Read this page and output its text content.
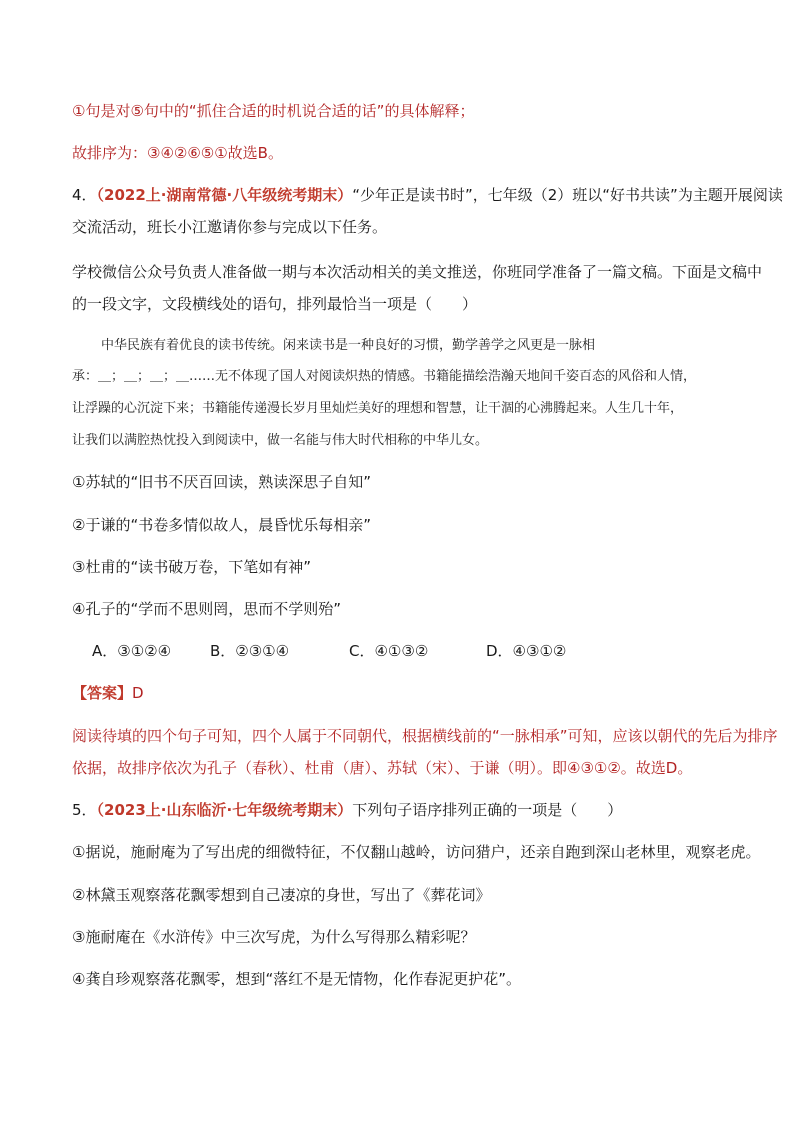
①句是对⑤句中的“抓住合适的时机说合适的话”的具体解释；
故排序为：③④②⑥⑤①故选B。
4．（2022上·湖南常德·八年级统考期末）“少年正是读书时”，七年级（2）班以“好书共读”为主题开展阅读
交流活动，班长小江邀请你参与完成以下任务。
学校微信公众号负责人准备做一期与本次活动相关的美文推送，你班同学准备了一篇文稿。下面是文稿中
的一段文字，文段横线处的语句，排列最恰当一项是（　　）
中华民族有着优良的读书传统。闲来读书是一种良好的习惯，勤学善学之风更是一脉相
承：＿；＿；＿；＿……无不体现了国人对阅读炽热的情感。书籍能描绘浩瀚天地间千姿百态的风俗和人情，
让浮躁的心沉淀下来；书籍能传递漫长岁月里灿烂美好的理想和智慧，让干涸的心沸腾起来。人生几十年，
让我们以满腔热忱投入到阅读中，做一名能与伟大时代相称的中华儿女。
①苏轼的“旧书不厌百回读，熟读深思子自知”
②于谦的“书卷多情似故人，晨昏忧乐每相亲”
③杜甫的“读书破万卷，下笔如有神”
④孔子的“学而不思则罔，思而不学则殆”
A．③①②④	B．②③①④	C．④①③②	D．④③①②
【答案】D
阅读待填的四个句子可知，四个人属于不同朝代，根据横线前的“一脉相承”可知，应该以朝代的先后为排序
依据，故排序依次为孔子（春秋）、杜甫（唐）、苏轼（宋）、于谦（明）。即④③①②。故选D。
5．（2023上·山东临沂·七年级统考期末）下列句子语序排列正确的一项是（　　）
①据说，施耐庵为了写出虎的细微特征，不仅翻山越岭，访问猎户，还亲自跑到深山老林里，观察老虎。
②林黛玉观察落花飘零想到自己凄凉的身世，写出了《葬花词》
③施耐庵在《水浒传》中三次写虎，为什么写得那么精彩呢？
④龚自珍观察落花飘零，想到“落红不是无情物，化作春泥更护花”。
